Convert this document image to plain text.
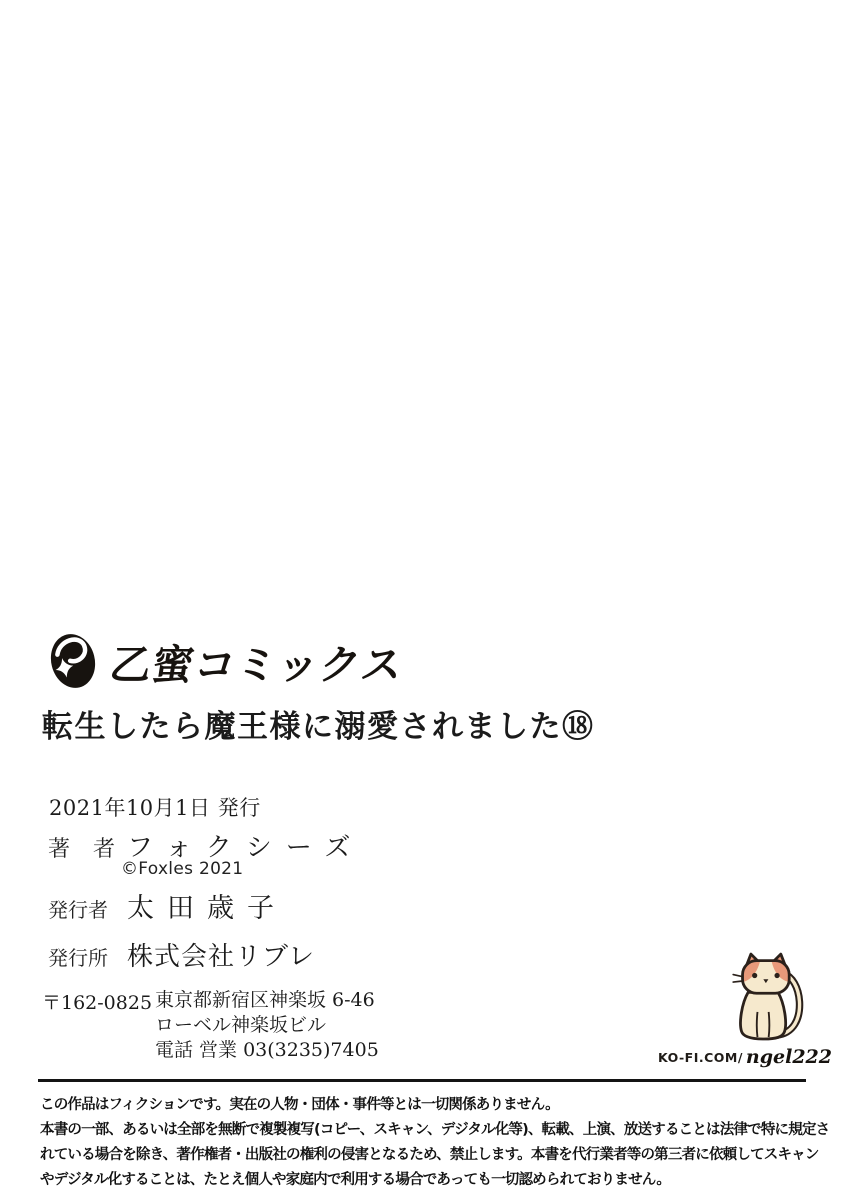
乙蜜コミックス
転生したら魔王様に溺愛されました⑱
2021年10月1日 発行
著 者 フォクシーズ
©Foxles 2021
発行者 太田歳子
発行所 株式会社リブレ
〒162-0825 東京都新宿区神楽坂 6-46
ローベル神楽坂ビル
電話 営業 03(3235)7405	KO-FI.COM/ ngel222
この作品はフィクションです。実在の人物・団体・事件等とは一切関係ありません。
本書の一部、あるいは全部を無断で複製複写(コピー、スキャン、デジタル化等)、転載、上演、放送することは法律で特に規定さ
れている場合を除き、著作権者・出版社の権利の侵害となるため、禁止します。本書を代行業者等の第三者に依頼してスキャン
やデジタル化することは、たとえ個人や家庭内で利用する場合であっても一切認められておりません。
